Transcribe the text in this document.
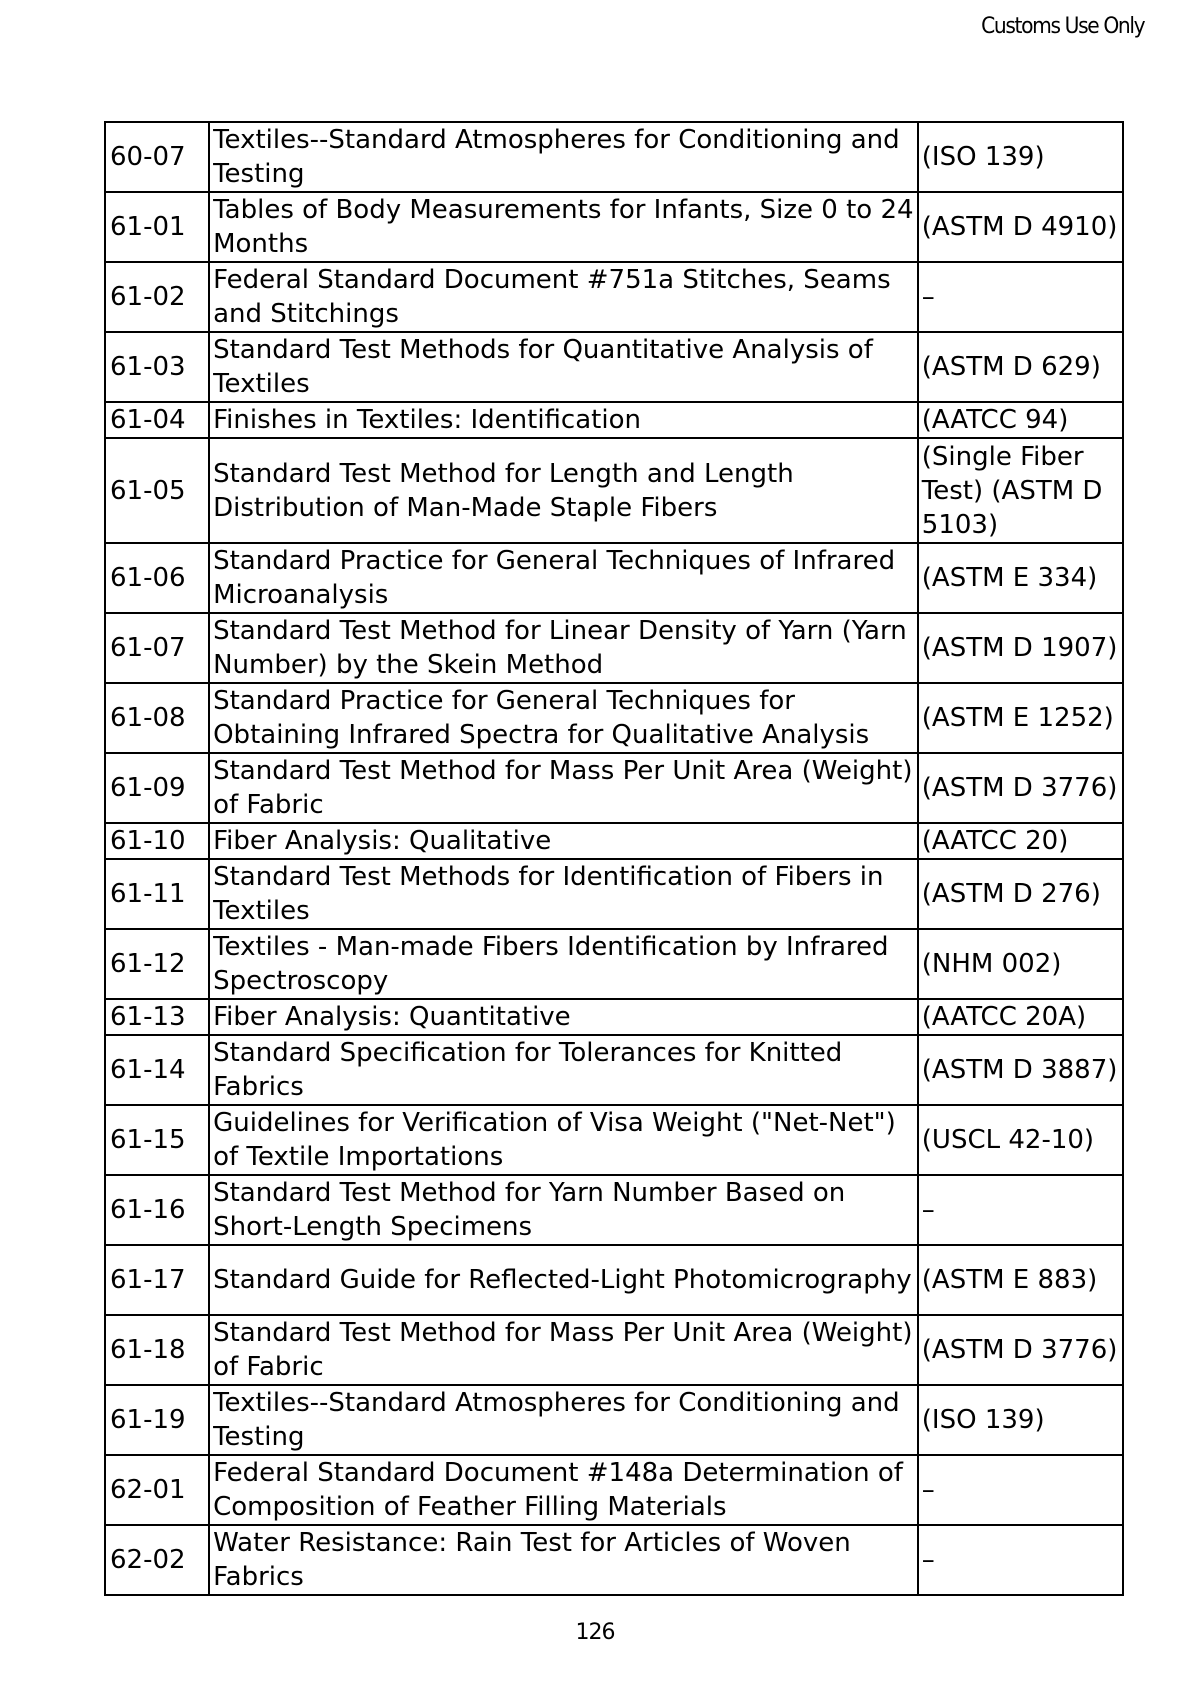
Customs Use Only
60-07	Textiles--Standard Atmospheres for Conditioning and Testing	(ISO 139)
61-01	Tables of Body Measurements for Infants, Size 0 to 24 Months	(ASTM D 4910)
61-02	Federal Standard Document #751a Stitches, Seams and Stitchings	–
61-03	Standard Test Methods for Quantitative Analysis of Textiles	(ASTM D 629)
61-04	Finishes in Textiles: Identification	(AATCC 94)
61-05	Standard Test Method for Length and Length Distribution of Man-Made Staple Fibers	(Single Fiber Test) (ASTM D 5103)
61-06	Standard Practice for General Techniques of Infrared Microanalysis	(ASTM E 334)
61-07	Standard Test Method for Linear Density of Yarn (Yarn Number) by the Skein Method	(ASTM D 1907)
61-08	Standard Practice for General Techniques for Obtaining Infrared Spectra for Qualitative Analysis	(ASTM E 1252)
61-09	Standard Test Method for Mass Per Unit Area (Weight) of Fabric	(ASTM D 3776)
61-10	Fiber Analysis: Qualitative	(AATCC 20)
61-11	Standard Test Methods for Identification of Fibers in Textiles	(ASTM D 276)
61-12	Textiles - Man-made Fibers Identification by Infrared Spectroscopy	(NHM 002)
61-13	Fiber Analysis: Quantitative	(AATCC 20A)
61-14	Standard Specification for Tolerances for Knitted Fabrics	(ASTM D 3887)
61-15	Guidelines for Verification of Visa Weight ("Net-Net") of Textile Importations	(USCL 42-10)
61-16	Standard Test Method for Yarn Number Based on Short-Length Specimens	–
61-17	Standard Guide for Reflected-Light Photomicrography	(ASTM E 883)
61-18	Standard Test Method for Mass Per Unit Area (Weight) of Fabric	(ASTM D 3776)
61-19	Textiles--Standard Atmospheres for Conditioning and Testing	(ISO 139)
62-01	Federal Standard Document #148a Determination of Composition of Feather Filling Materials	–
62-02	Water Resistance: Rain Test for Articles of Woven Fabrics	–
126
